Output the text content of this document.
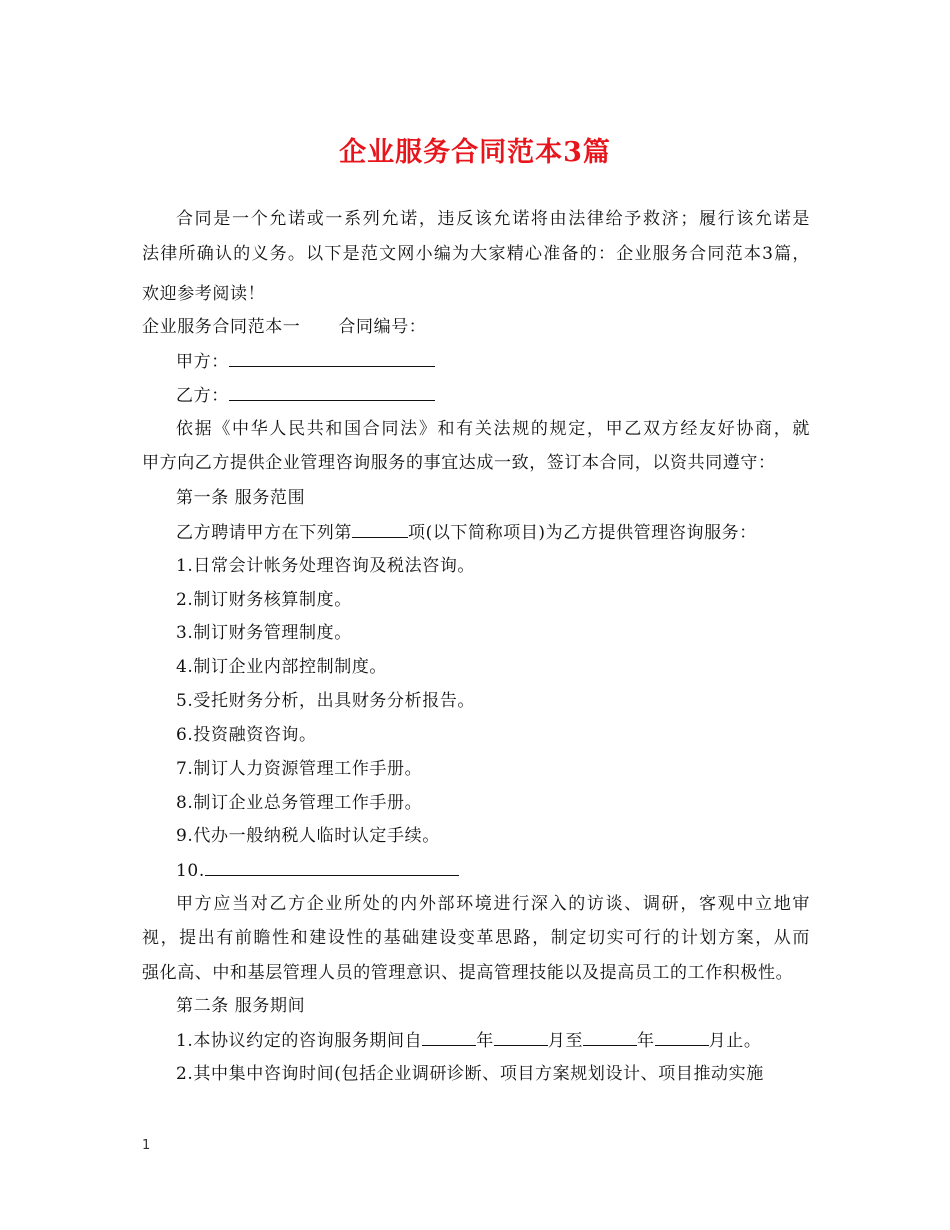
企业服务合同范本3篇
合同是一个允诺或一系列允诺，违反该允诺将由法律给予救济；履行该允诺是
法律所确认的义务。以下是范文网小编为大家精心准备的：企业服务合同范本3篇，
欢迎参考阅读！
企业服务合同范本一 合同编号：
甲方：
乙方：
依据《中华人民共和国合同法》和有关法规的规定，甲乙双方经友好协商，就
甲方向乙方提供企业管理咨询服务的事宜达成一致，签订本合同，以资共同遵守：
第一条 服务范围
乙方聘请甲方在下列第	项(以下简称项目)为乙方提供管理咨询服务：
1.日常会计帐务处理咨询及税法咨询。
2.制订财务核算制度。
3.制订财务管理制度。
4.制订企业内部控制制度。
5.受托财务分析，出具财务分析报告。
6.投资融资咨询。
7.制订人力资源管理工作手册。
8.制订企业总务管理工作手册。
9.代办一般纳税人临时认定手续。
10.
甲方应当对乙方企业所处的内外部环境进行深入的访谈、调研，客观中立地审
视，提出有前瞻性和建设性的基础建设变革思路，制定切实可行的计划方案，从而
强化高、中和基层管理人员的管理意识、提高管理技能以及提高员工的工作积极性。
第二条 服务期间
1.本协议约定的咨询服务期间自	年	月至	年	月止。
2.其中集中咨询时间(包括企业调研诊断、项目方案规划设计、项目推动实施
1
